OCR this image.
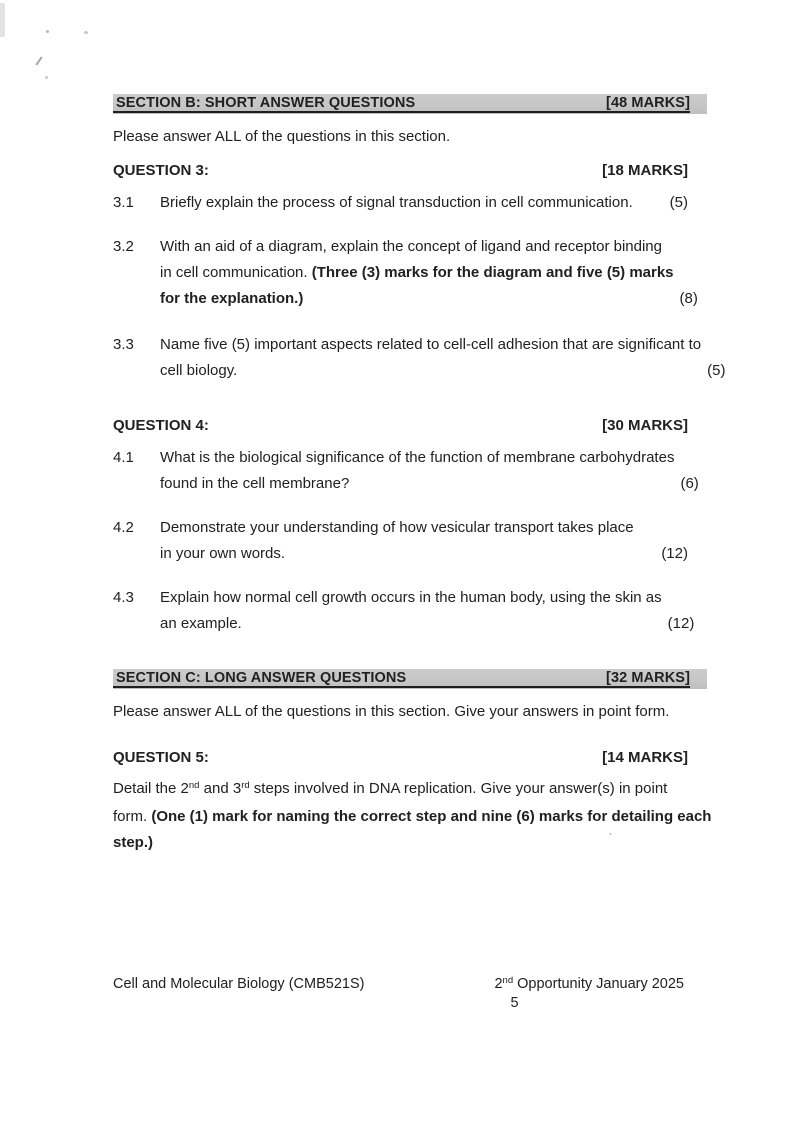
SECTION B: SHORT ANSWER QUESTIONS	[48 MARKS]

Please answer ALL of the questions in this section.

QUESTION 3:	[18 MARKS]
3.1	Briefly explain the process of signal transduction in cell communication.	(5)
3.2	With an aid of a diagram, explain the concept of ligand and receptor binding
in cell communication. (Three (3) marks for the diagram and five (5) marks
for the explanation.)	(8)
3.3	Name five (5) important aspects related to cell-cell adhesion that are significant to
cell biology.	(5)
QUESTION 4:	[30 MARKS]
4.1	What is the biological significance of the function of membrane carbohydrates
found in the cell membrane?	(6)
4.2	Demonstrate your understanding of how vesicular transport takes place
in your own words.	(12)
4.3	Explain how normal cell growth occurs in the human body, using the skin as
an example.	(12)
SECTION C: LONG ANSWER QUESTIONS	[32 MARKS]

Please answer ALL of the questions in this section. Give your answers in point form.

QUESTION 5:	[14 MARKS]
Detail the 2nd and 3rd steps involved in DNA replication. Give your answer(s) in point
form. (One (1) mark for naming the correct step and nine (6) marks for detailing each
step.)
Cell and Molecular Biology (CMB521S)	2nd Opportunity January 2025
5
